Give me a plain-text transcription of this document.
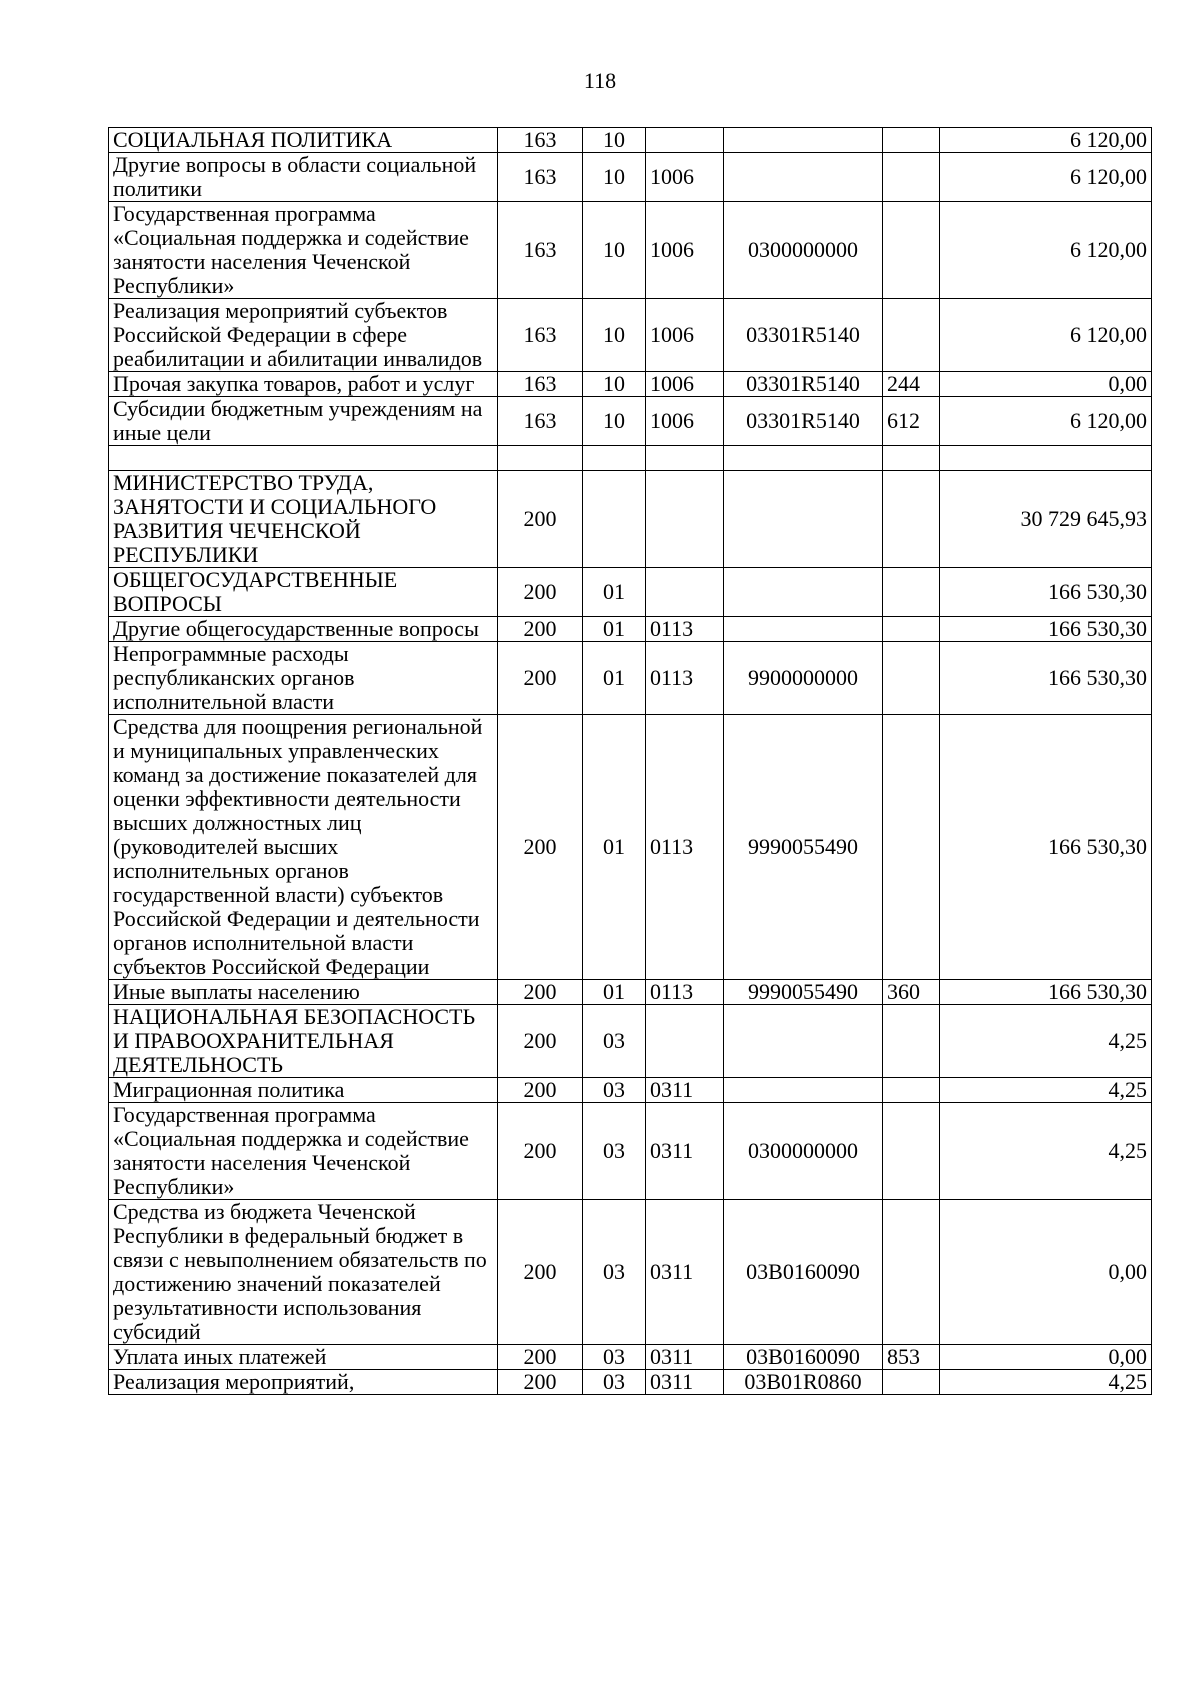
118
СОЦИАЛЬНАЯ ПОЛИТИКА	163	10				6 120,00
Другие вопросы в области социальной политики	163	10	1006			6 120,00
Государственная программа «Социальная поддержка и содействие занятости населения Чеченской Республики»	163	10	1006	0300000000		6 120,00
Реализация мероприятий субъектов Российской Федерации в сфере реабилитации и абилитации инвалидов	163	10	1006	03301R5140		6 120,00
Прочая закупка товаров, работ и услуг	163	10	1006	03301R5140	244	0,00
Субсидии бюджетным учреждениям на иные цели	163	10	1006	03301R5140	612	6 120,00

МИНИСТЕРСТВО ТРУДА, ЗАНЯТОСТИ И СОЦИАЛЬНОГО РАЗВИТИЯ ЧЕЧЕНСКОЙ РЕСПУБЛИКИ	200					30 729 645,93
ОБЩЕГОСУДАРСТВЕННЫЕ ВОПРОСЫ	200	01				166 530,30
Другие общегосударственные вопросы	200	01	0113			166 530,30
Непрограммные расходы республиканских органов исполнительной власти	200	01	0113	9900000000		166 530,30
Средства для поощрения региональной и муниципальных управленческих команд за достижение показателей для оценки эффективности деятельности высших должностных лиц (руководителей высших исполнительных органов государственной власти) субъектов Российской Федерации и деятельности органов исполнительной власти субъектов Российской Федерации	200	01	0113	9990055490		166 530,30
Иные выплаты населению	200	01	0113	9990055490	360	166 530,30
НАЦИОНАЛЬНАЯ БЕЗОПАСНОСТЬ И ПРАВООХРАНИТЕЛЬНАЯ ДЕЯТЕЛЬНОСТЬ	200	03				4,25
Миграционная политика	200	03	0311			4,25
Государственная программа «Социальная поддержка и содействие занятости населения Чеченской Республики»	200	03	0311	0300000000		4,25
Средства из бюджета Чеченской Республики в федеральный бюджет в связи с невыполнением обязательств по достижению значений показателей результативности использования субсидий	200	03	0311	03В0160090		0,00
Уплата иных платежей	200	03	0311	03В0160090	853	0,00
Реализация мероприятий,	200	03	0311	03В01R0860		4,25
